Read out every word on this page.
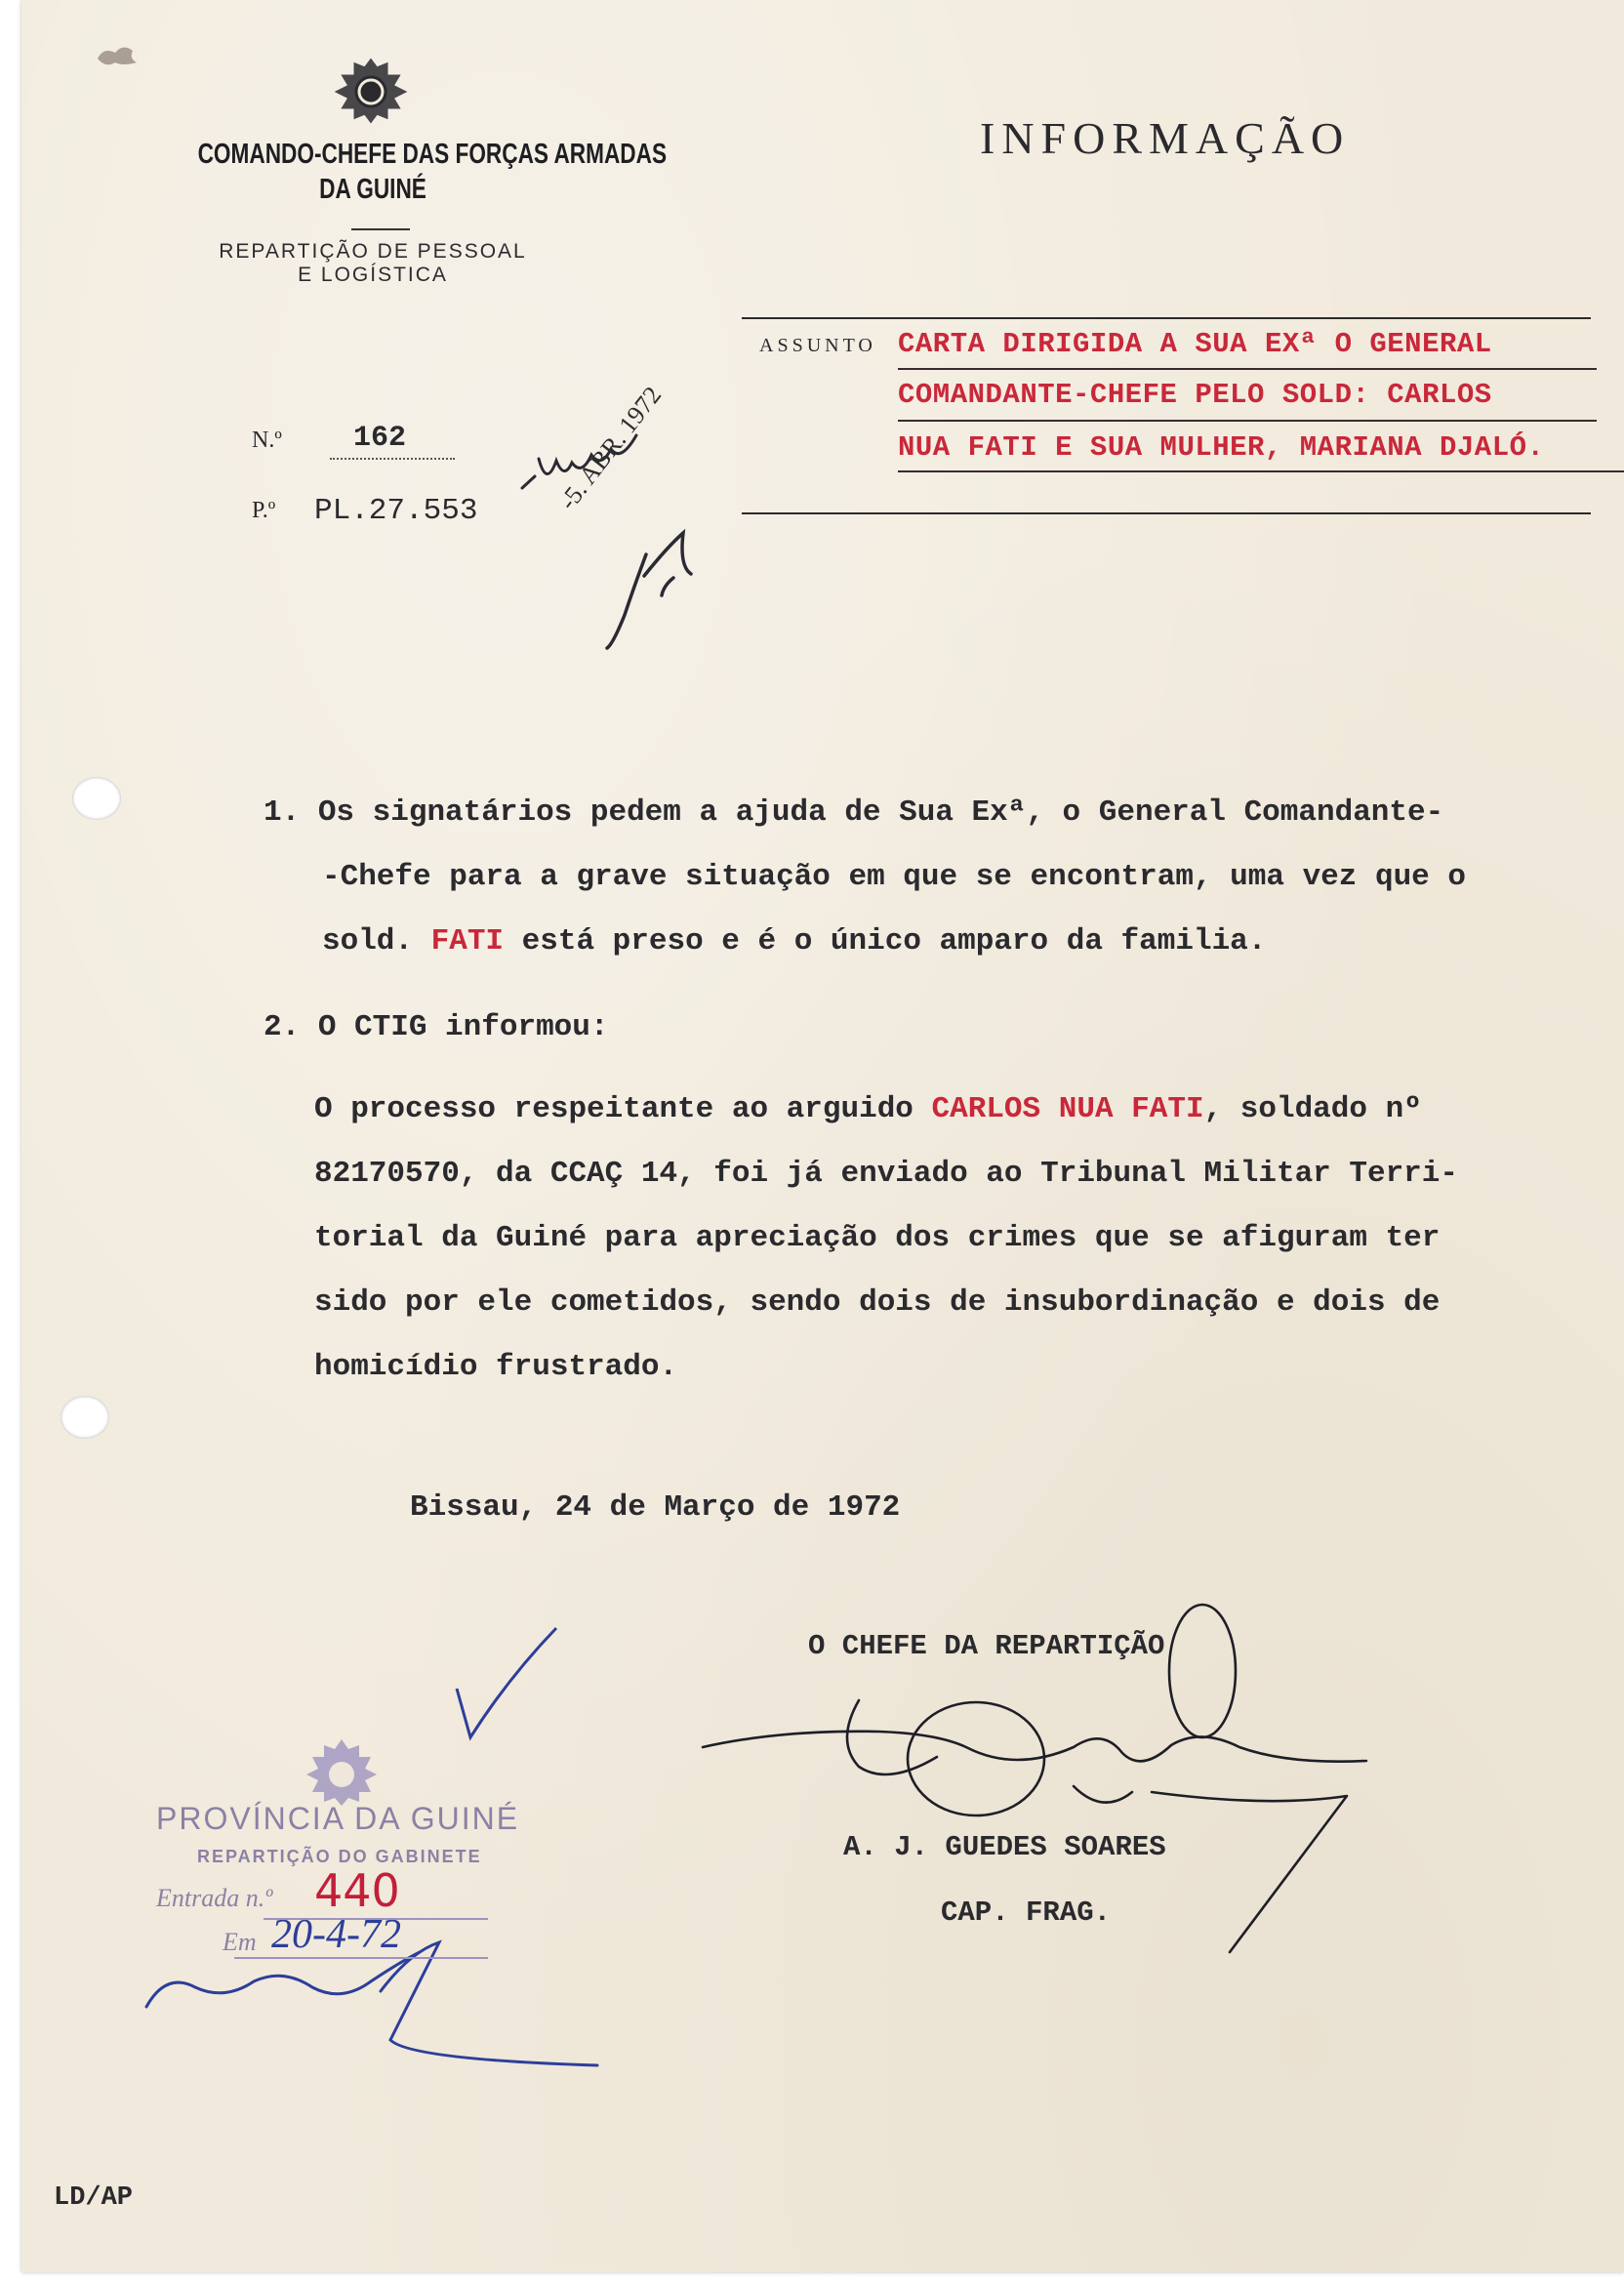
COMANDO-CHEFE DAS FORÇAS ARMADAS
DA GUINÉ
REPARTIÇÃO DE PESSOAL
E LOGÍSTICA
INFORMAÇÃO
ASSUNTO CARTA DIRIGIDA A SUA EXª O GENERAL
COMANDANTE-CHEFE PELO SOLD: CARLOS
NUA FATI E SUA MULHER, MARIANA DJALÓ.
N.º 162
P.º PL.27.553	-5. ABR. 1972
1. Os signatários pedem a ajuda de Sua Exª, o General Comandante-
-Chefe para a grave situação em que se encontram, uma vez que o
sold. FATI está preso e é o único amparo da familia.
2. O CTIG informou:
O processo respeitante ao arguido CARLOS NUA FATI, soldado nº
82170570, da CCAÇ 14, foi já enviado ao Tribunal Militar Terri-
torial da Guiné para apreciação dos crimes que se afiguram ter
sido por ele cometidos, sendo dois de insubordinação e dois de
homicídio frustrado.
Bissau, 24 de Março de 1972
O CHEFE DA REPARTIÇÃO
A. J. GUEDES SOARES
CAP. FRAG.
PROVÍNCIA DA GUINÉ
REPARTIÇÃO DO GABINETE
Entrada n.º 440
Em 20-4-72
LD/AP
